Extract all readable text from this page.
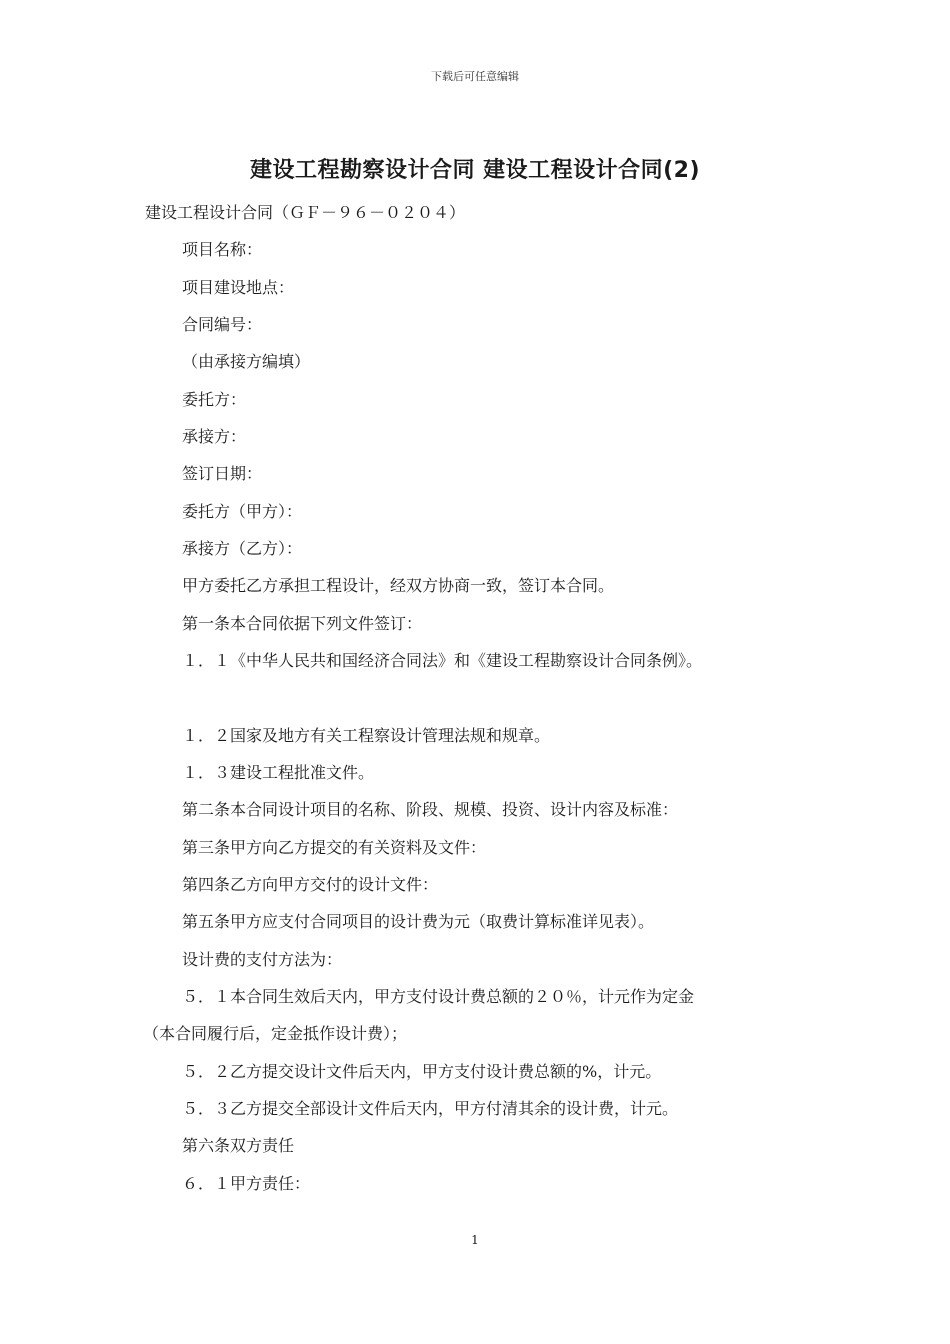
下载后可任意编辑
建设工程勘察设计合同 建设工程设计合同(2)
建设工程设计合同（ＧＦ－９６－０２０４）
项目名称：
项目建设地点：
合同编号：
（由承接方编填）
委托方：
承接方：
签订日期：
委托方（甲方）：
承接方（乙方）：
甲方委托乙方承担工程设计，经双方协商一致，签订本合同。
第一条本合同依据下列文件签订：
１．１《中华人民共和国经济合同法》和《建设工程勘察设计合同条例》。
１．２国家及地方有关工程察设计管理法规和规章。
１．３建设工程批准文件。
第二条本合同设计项目的名称、阶段、规模、投资、设计内容及标准：
第三条甲方向乙方提交的有关资料及文件：
第四条乙方向甲方交付的设计文件：
第五条甲方应支付合同项目的设计费为元（取费计算标准详见表）。
设计费的支付方法为：
５．１本合同生效后天内，甲方支付设计费总额的２０％，计元作为定金
（本合同履行后，定金抵作设计费）；
５．２乙方提交设计文件后天内，甲方支付设计费总额的%，计元。
５．３乙方提交全部设计文件后天内，甲方付清其余的设计费，计元。
第六条双方责任
６．１甲方责任：
1
